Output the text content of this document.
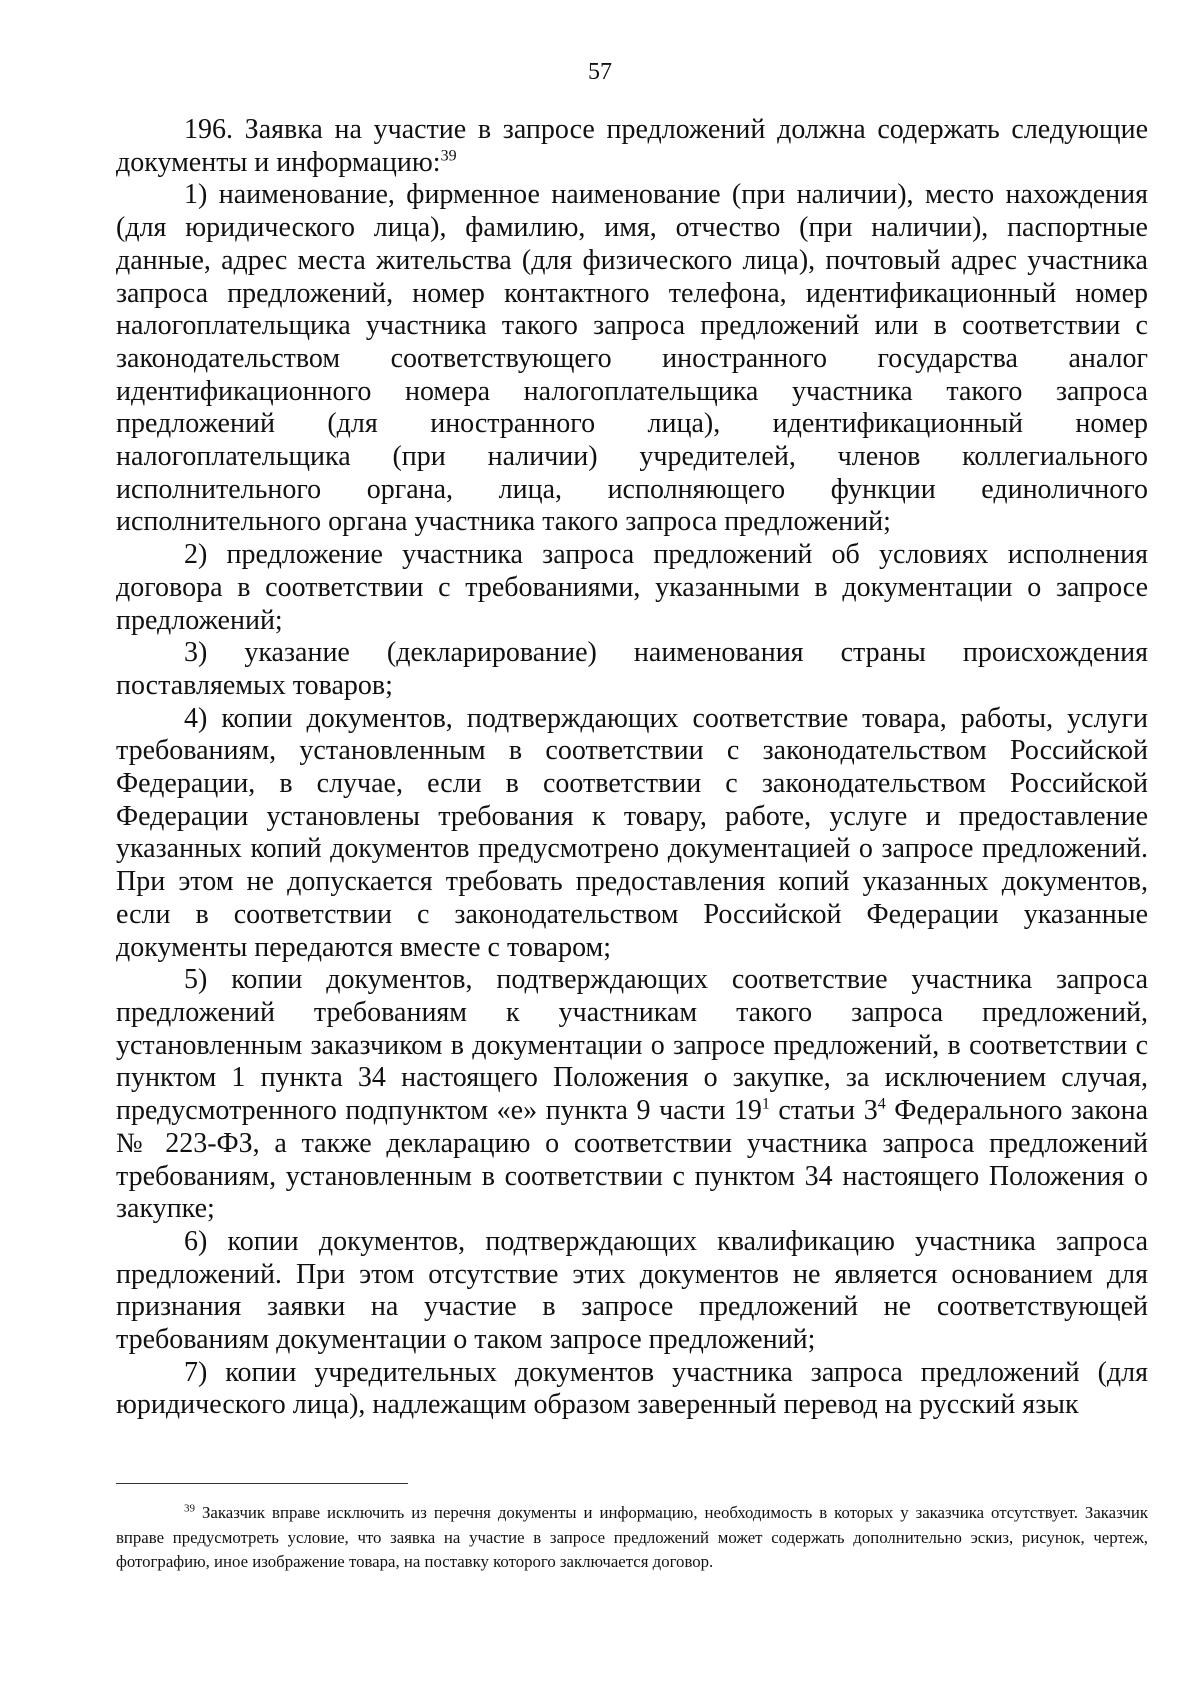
57

196. Заявка на участие в запросе предложений должна содержать следующие документы и информацию:$^{39}$

1) наименование, фирменное наименование (при наличии), место нахождения (для юридического лица), фамилию, имя, отчество (при наличии), паспортные данные, адрес места жительства (для физического лица), почтовый адрес участника запроса предложений, номер контактного телефона, идентификационный номер налогоплательщика участника такого запроса предложений или в соответствии с законодательством соответствующего иностранного государства аналог идентификационного номера налогоплательщика участника такого запроса предложений (для иностранного лица), идентификационный номер налогоплательщика (при наличии) учредителей, членов коллегиального исполнительного органа, лица, исполняющего функции единоличного исполнительного органа участника такого запроса предложений;

2) предложение участника запроса предложений об условиях исполнения договора в соответствии с требованиями, указанными в документации о запросе предложений;

3) указание (декларирование) наименования страны происхождения поставляемых товаров;

4) копии документов, подтверждающих соответствие товара, работы, услуги требованиям, установленным в соответствии с законодательством Российской Федерации, в случае, если в соответствии с законодательством Российской Федерации установлены требования к товару, работе, услуге и предоставление указанных копий документов предусмотрено документацией о запросе предложений. При этом не допускается требовать предоставления копий указанных документов, если в соответствии с законодательством Российской Федерации указанные документы передаются вместе с товаром;

5) копии документов, подтверждающих соответствие участника запроса предложений требованиям к участникам такого запроса предложений, установленным заказчиком в документации о запросе предложений, в соответствии с пунктом 1 пункта 34 настоящего Положения о закупке, за исключением случая, предусмотренного подпунктом «е» пункта 9 части $19^1$ статьи $3^4$ Федерального закона № 223-ФЗ, а также декларацию о соответствии участника запроса предложений требованиям, установленным в соответствии с пунктом 34 настоящего Положения о закупке;

6) копии документов, подтверждающих квалификацию участника запроса предложений. При этом отсутствие этих документов не является основанием для признания заявки на участие в запросе предложений не соответствующей требованиям документации о таком запросе предложений;

7) копии учредительных документов участника запроса предложений (для юридического лица), надлежащим образом заверенный перевод на русский язык

$^{39}$ Заказчик вправе исключить из перечня документы и информацию, необходимость в которых у заказчика отсутствует. Заказчик вправе предусмотреть условие, что заявка на участие в запросе предложений может содержать дополнительно эскиз, рисунок, чертеж, фотографию, иное изображение товара, на поставку которого заключается договор.
